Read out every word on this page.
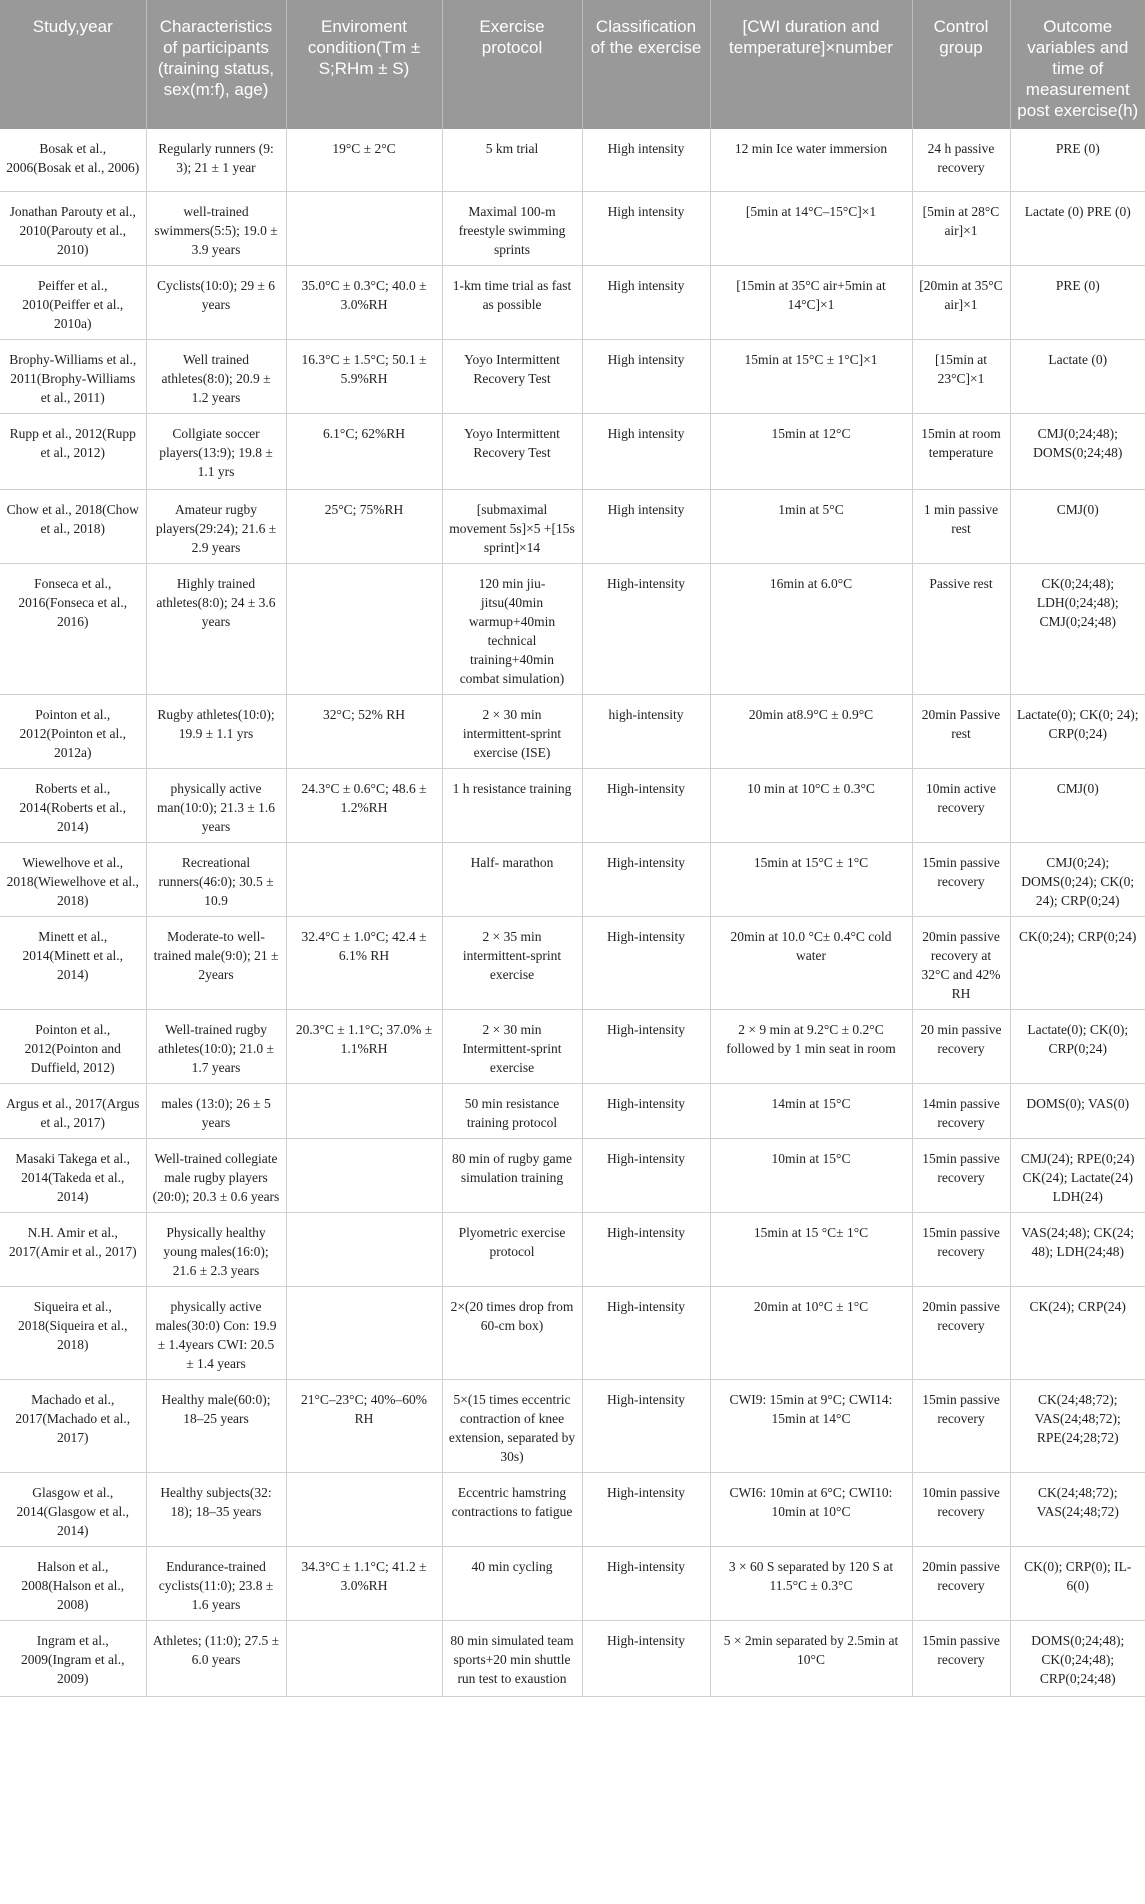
Study,year	Characteristics of participants (training status, sex(m:f), age)	Enviroment condition(Tm ± S;RHm ± S)	Exercise protocol	Classification of the exercise	[CWI duration and temperature]×number	Control group	Outcome variables and time of measurement post exercise(h)
Bosak et al., 2006(Bosak et al., 2006)	Regularly runners (9: 3); 21 ± 1 year	19°C ± 2°C	5 km trial	High intensity	12 min Ice water immersion	24 h passive recovery	PRE (0)
Jonathan Parouty et al., 2010(Parouty et al., 2010)	well-trained swimmers(5:5); 19.0 ± 3.9 years		Maximal 100-m freestyle swimming sprints	High intensity	[5min at 14°C–15°C]×1	[5min at 28°C air]×1	Lactate (0) PRE (0)
Peiffer et al., 2010(Peiffer et al., 2010a)	Cyclists(10:0); 29 ± 6 years	35.0°C ± 0.3°C; 40.0 ± 3.0%RH	1-km time trial as fast as possible	High intensity	[15min at 35°C air+5min at 14°C]×1	[20min at 35°C air]×1	PRE (0)
Brophy-Williams et al., 2011(Brophy-Williams et al., 2011)	Well trained athletes(8:0); 20.9 ± 1.2 years	16.3°C ± 1.5°C; 50.1 ± 5.9%RH	Yoyo Intermittent Recovery Test	High intensity	15min at 15°C ± 1°C]×1	[15min at 23°C]×1	Lactate (0)
Rupp et al., 2012(Rupp et al., 2012)	Collgiate soccer players(13:9); 19.8 ± 1.1 yrs	6.1°C; 62%RH	Yoyo Intermittent Recovery Test	High intensity	15min at 12°C	15min at room temperature	CMJ(0;24;48); DOMS(0;24;48)
Chow et al., 2018(Chow et al., 2018)	Amateur rugby players(29:24); 21.6 ± 2.9 years	25°C; 75%RH	[submaximal movement 5s]×5 +[15s sprint]×14	High intensity	1min at 5°C	1 min passive rest	CMJ(0)
Fonseca et al., 2016(Fonseca et al., 2016)	Highly trained athletes(8:0); 24 ± 3.6 years		120 min jiu-jitsu(40min warmup+40min technical training+40min combat simulation)	High-intensity	16min at 6.0°C	Passive rest	CK(0;24;48); LDH(0;24;48); CMJ(0;24;48)
Pointon et al., 2012(Pointon et al., 2012a)	Rugby athletes(10:0); 19.9 ± 1.1 yrs	32°C; 52% RH	2 × 30 min intermittent-sprint exercise (ISE)	high-intensity	20min at8.9°C ± 0.9°C	20min Passive rest	Lactate(0); CK(0; 24); CRP(0;24)
Roberts et al., 2014(Roberts et al., 2014)	physically active man(10:0); 21.3 ± 1.6 years	24.3°C ± 0.6°C; 48.6 ± 1.2%RH	1 h resistance training	High-intensity	10 min at 10°C ± 0.3°C	10min active recovery	CMJ(0)
Wiewelhove et al., 2018(Wiewelhove et al., 2018)	Recreational runners(46:0); 30.5 ± 10.9		Half- marathon	High-intensity	15min at 15°C ± 1°C	15min passive recovery	CMJ(0;24); DOMS(0;24); CK(0; 24); CRP(0;24)
Minett et al., 2014(Minett et al., 2014)	Moderate-to well-trained male(9:0); 21 ± 2years	32.4°C ± 1.0°C; 42.4 ± 6.1% RH	2 × 35 min intermittent-sprint exercise	High-intensity	20min at 10.0 °C± 0.4°C cold water	20min passive recovery at 32°C and 42% RH	CK(0;24); CRP(0;24)
Pointon et al., 2012(Pointon and Duffield, 2012)	Well-trained rugby athletes(10:0); 21.0 ± 1.7 years	20.3°C ± 1.1°C; 37.0% ± 1.1%RH	2 × 30 min Intermittent-sprint exercise	High-intensity	2 × 9 min at 9.2°C ± 0.2°C followed by 1 min seat in room	20 min passive recovery	Lactate(0); CK(0); CRP(0;24)
Argus et al., 2017(Argus et al., 2017)	males (13:0); 26 ± 5 years		50 min resistance training protocol	High-intensity	14min at 15°C	14min passive recovery	DOMS(0); VAS(0)
Masaki Takega et al., 2014(Takeda et al., 2014)	Well-trained collegiate male rugby players (20:0); 20.3 ± 0.6 years		80 min of rugby game simulation training	High-intensity	10min at 15°C	15min passive recovery	CMJ(24); RPE(0;24) CK(24); Lactate(24) LDH(24)
N.H. Amir et al., 2017(Amir et al., 2017)	Physically healthy young males(16:0); 21.6 ± 2.3 years		Plyometric exercise protocol	High-intensity	15min at 15 °C± 1°C	15min passive recovery	VAS(24;48); CK(24; 48); LDH(24;48)
Siqueira et al., 2018(Siqueira et al., 2018)	physically active males(30:0) Con: 19.9 ± 1.4years CWI: 20.5 ± 1.4 years		2×(20 times drop from 60-cm box)	High-intensity	20min at 10°C ± 1°C	20min passive recovery	CK(24); CRP(24)
Machado et al., 2017(Machado et al., 2017)	Healthy male(60:0); 18–25 years	21°C–23°C; 40%–60% RH	5×(15 times eccentric contraction of knee extension, separated by 30s)	High-intensity	CWI9: 15min at 9°C; CWI14: 15min at 14°C	15min passive recovery	CK(24;48;72); VAS(24;48;72); RPE(24;28;72)
Glasgow et al., 2014(Glasgow et al., 2014)	Healthy subjects(32: 18); 18–35 years		Eccentric hamstring contractions to fatigue	High-intensity	CWI6: 10min at 6°C; CWI10: 10min at 10°C	10min passive recovery	CK(24;48;72); VAS(24;48;72)
Halson et al., 2008(Halson et al., 2008)	Endurance-trained cyclists(11:0); 23.8 ± 1.6 years	34.3°C ± 1.1°C; 41.2 ± 3.0%RH	40 min cycling	High-intensity	3 × 60 S separated by 120 S at 11.5°C ± 0.3°C	20min passive recovery	CK(0); CRP(0); IL-6(0)
Ingram et al., 2009(Ingram et al., 2009)	Athletes; (11:0); 27.5 ± 6.0 years		80 min simulated team sports+20 min shuttle run test to exaustion	High-intensity	5 × 2min separated by 2.5min at 10°C	15min passive recovery	DOMS(0;24;48); CK(0;24;48); CRP(0;24;48)
